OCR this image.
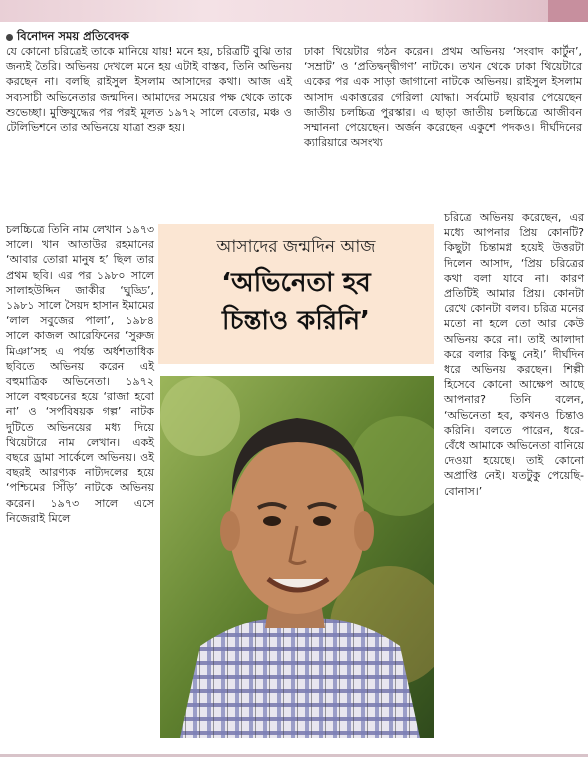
বিনোদন সময় প্রতিবেদক

যে কোনো চরিত্রেই তাকে মানিয়ে যায়! মনে হয়, চরিত্রটি বুঝি তার জন্যই তৈরি। অভিনয় দেখলে মনে হয় এটাই বাস্তব, তিনি অভিনয় করছেন না। বলছি রাইসুল ইসলাম আসাদের কথা। আজ এই সব্যসাচী অভিনেতার জন্মদিন। আমাদের সময়ের পক্ষ থেকে তাকে শুভেচ্ছা। মুক্তিযুদ্ধের পর পরই মূলত ১৯৭২ সালে বেতার, মঞ্চ ও টেলিভিশনে তার অভিনয়ে যাত্রা শুরু হয়।

চলচ্চিত্রে তিনি নাম লেখান ১৯৭৩ সালে। খান আতাউর রহমানের ‘আবার তোরা মানুষ হ’ ছিল তার প্রথম ছবি। এর পর ১৯৮০ সালে সালাহউদ্দিন জাকীর ‘ঘুড্ডি’, ১৯৮১ সালে সৈয়দ হাসান ইমামের ‘লাল সবুজের পালা’, ১৯৮৪ সালে কাজল আরেফিনের ‘সুরুজ মিঞা’সহ এ পর্যন্ত অর্ধশতাধিক ছবিতে অভিনয় করেন এই বহুমাত্রিক অভিনেতা। ১৯৭২ সালে বহুবচনের হয়ে ‘রাজা হবো না’ ও ‘সর্পবিষয়ক গল্প’ নাটক দুটিতে অভিনয়ের মধ্য দিয়ে থিয়েটারে নাম লেখান। একই বছরে ড্রামা সার্কেলে অভিনয়। ওই বছরই আরণ্যক নাট্যদলের হয়ে ‘পশ্চিমের সিঁড়ি’ নাটকে অভিনয় করেন। ১৯৭৩ সালে এসে নিজেরাই মিলে

ঢাকা থিয়েটার গঠন করেন। প্রথম অভিনয় ‘সংবাদ কার্টুন’, ‘সম্রাট’ ও ‘প্রতিদ্বন্দ্বীগণ’ নাটকে। তখন থেকে ঢাকা থিয়েটারে একের পর এক সাড়া জাগানো নাটকে অভিনয়। রাইসুল ইসলাম আসাদ একাত্তরের গেরিলা যোদ্ধা। সর্বমোট ছয়বার পেয়েছেন জাতীয় চলচ্চিত্র পুরস্কার। এ ছাড়া জাতীয় চলচ্চিত্রে আজীবন সম্মাননা পেয়েছেন। অর্জন করেছেন একুশে পদকও। দীর্ঘদিনের ক্যারিয়ারে অসংখ্য

চরিত্রে অভিনয় করেছেন, এর মধ্যে আপনার প্রিয় কোনটি? কিছুটা চিন্তামগ্ন হয়েই উত্তরটা দিলেন আসাদ, ‘প্রিয় চরিত্রের কথা বলা যাবে না। কারণ প্রতিটিই আমার প্রিয়। কোনটা রেখে কোনটা বলব। চরিত্র মনের মতো না হলে তো আর কেউ অভিনয় করে না। তাই আলাদা করে বলার কিছু নেই।’ দীর্ঘদিন ধরে অভিনয় করছেন। শিল্পী হিসেবে কোনো আক্ষেপ আছে আপনার? তিনি বলেন, ‘অভিনেতা হব, কখনও চিন্তাও করিনি। বলতে পারেন, ধরে-বেঁধে আমাকে অভিনেতা বানিয়ে দেওয়া হয়েছে। তাই কোনো অপ্রাপ্তি নেই। যতটুকু পেয়েছি- বোনাস।’

আসাদের জন্মদিন আজ
‘অভিনেতা হব
চিন্তাও করিনি’
